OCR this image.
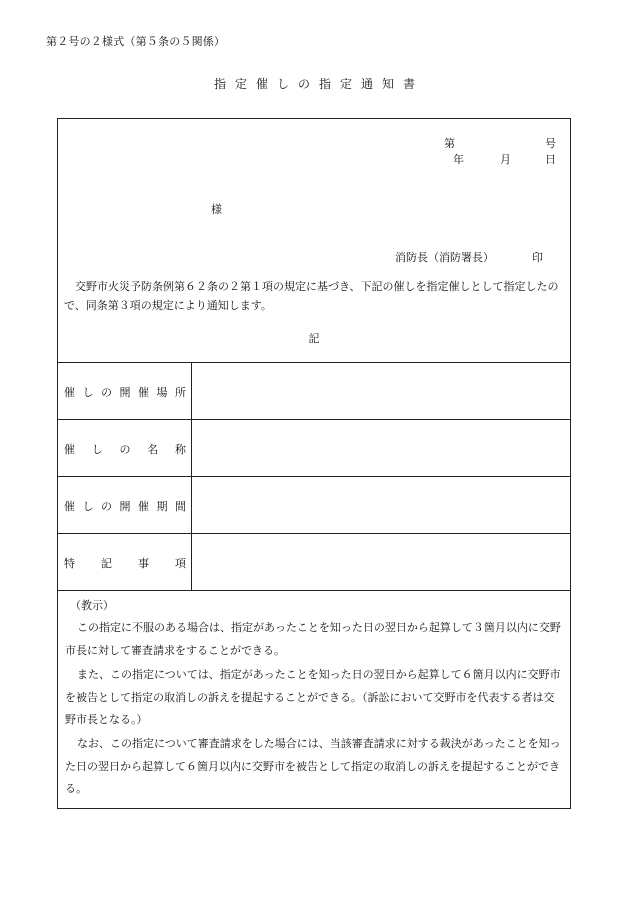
第２号の２様式（第５条の５関係）
指定催しの指定通知書
第	号
年	月	日
様
消防長（消防署長）	印
交野市火災予防条例第６２条の２第１項の規定に基づき、下記の催しを指定催しとして指定したので、同条第３項の規定により通知します。
記
催 し の 開 催 場 所
催 し の 名 称
催 し の 開 催 期 間
特 記 事 項
（教示）
この指定に不服のある場合は、指定があったことを知った日の翌日から起算して３箇月以内に交野市長に対して審査請求をすることができる。
また、この指定については、指定があったことを知った日の翌日から起算して６箇月以内に交野市を被告として指定の取消しの訴えを提起することができる。（訴訟において交野市を代表する者は交野市長となる。）
なお、この指定について審査請求をした場合には、当該審査請求に対する裁決があったことを知った日の翌日から起算して６箇月以内に交野市を被告として指定の取消しの訴えを提起することができる。
